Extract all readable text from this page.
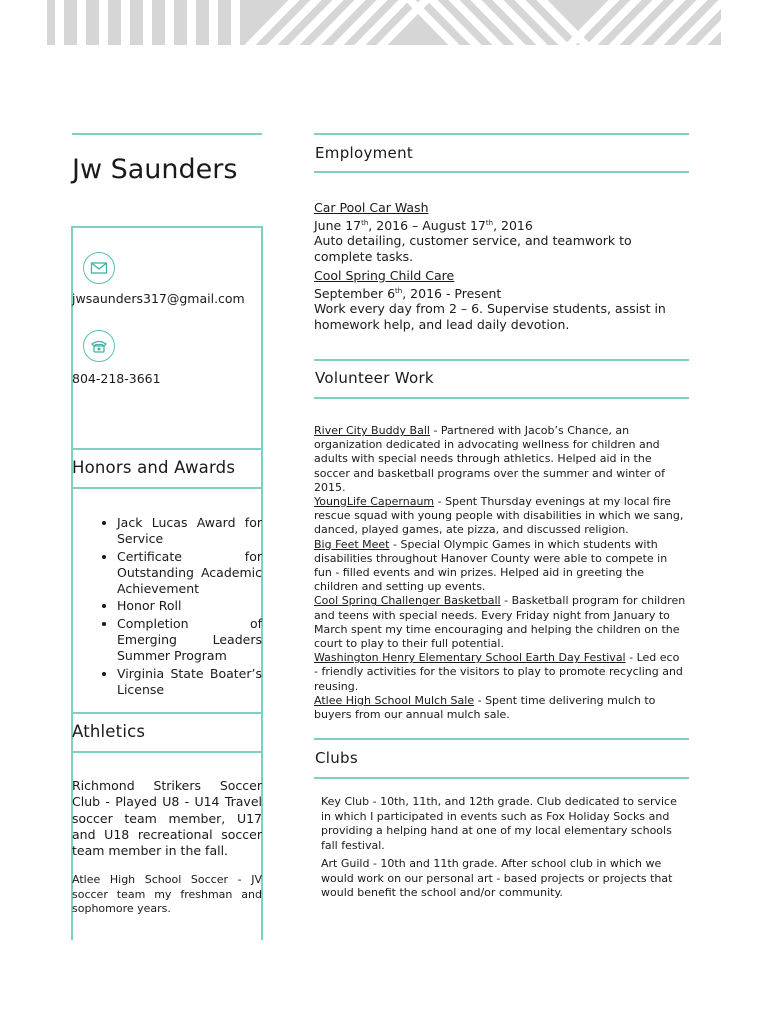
Jw Saunders
jwsaunders317@gmail.com
804-218-3661
Honors and Awards
• Jack Lucas Award for Service
• Certificate for Outstanding Academic Achievement
• Honor Roll
• Completion of Emerging Leaders Summer Program
• Virginia State Boater’s License
Athletics
Richmond Strikers Soccer Club - Played U8 - U14 Travel soccer team member, U17 and U18 recreational soccer team member in the fall.
Atlee High School Soccer - JV soccer team my freshman and sophomore years.
Employment
Car Pool Car Wash
June 17th, 2016 – August 17th, 2016
Auto detailing, customer service, and teamwork to complete tasks.
Cool Spring Child Care
September 6th, 2016 - Present
Work every day from 2 – 6. Supervise students, assist in homework help, and lead daily devotion.
Volunteer Work

River City Buddy Ball - Partnered with Jacob’s Chance, an organization dedicated in advocating wellness for children and adults with special needs through athletics. Helped aid in the soccer and basketball programs over the summer and winter of 2015.

YoungLife Capernaum - Spent Thursday evenings at my local fire rescue squad with young people with disabilities in which we sang, danced, played games, ate pizza, and discussed religion.

Big Feet Meet - Special Olympic Games in which students with disabilities throughout Hanover County were able to compete in fun - filled events and win prizes. Helped aid in greeting the children and setting up events.

Cool Spring Challenger Basketball - Basketball program for children and teens with special needs. Every Friday night from January to March spent my time encouraging and helping the children on the court to play to their full potential.

Washington Henry Elementary School Earth Day Festival - Led eco - friendly activities for the visitors to play to promote recycling and reusing.

Atlee High School Mulch Sale - Spent time delivering mulch to buyers from our annual mulch sale.

Clubs
Key Club - 10th, 11th, and 12th grade. Club dedicated to service in which I participated in events such as Fox Holiday Socks and providing a helping hand at one of my local elementary schools fall festival.
Art Guild - 10th and 11th grade. After school club in which we would work on our personal art - based projects or projects that would benefit the school and/or community.
